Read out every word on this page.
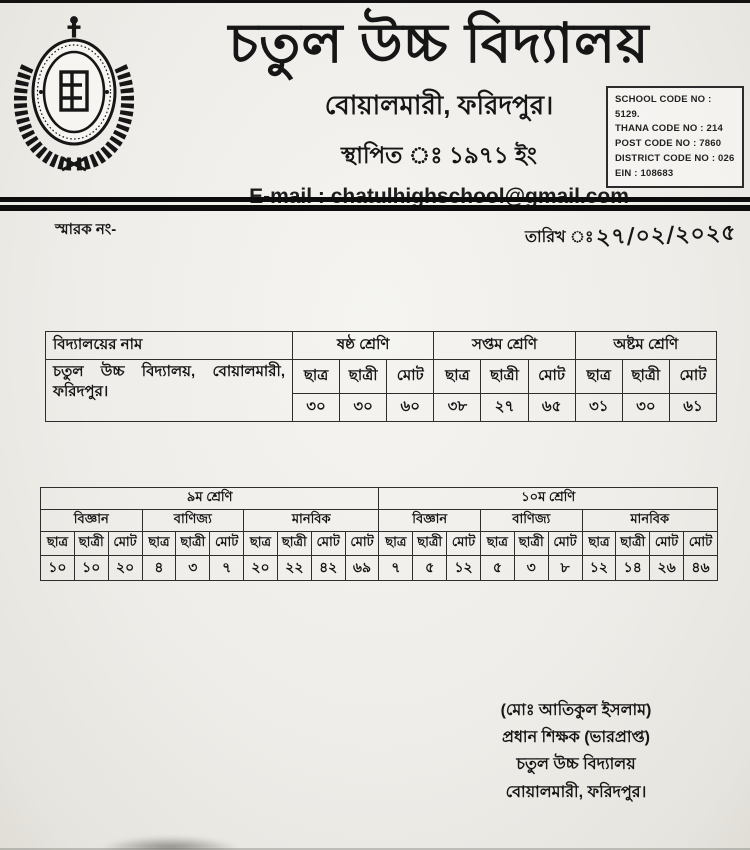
চতুল উচ্চ বিদ্যালয়
বোয়ালমারী, ফরিদপুর।
স্থাপিত ঃ ১৯৭১ ইং
SCHOOL CODE NO : 5129.
THANA CODE NO : 214
POST CODE NO : 7860
DISTRICT CODE NO : 026
EIN : 108683
স্মারক নং-	তারিখ ঃ ২৭/০২/২০২৫
বিদ্যালয়ের নাম	ষষ্ঠ শ্রেণি			সপ্তম শ্রেণি			অষ্টম শ্রেণি		
চতুল উচ্চ বিদ্যালয়, বোয়ালমারী, ফরিদপুর।	ছাত্র	ছাত্রী	মোট	ছাত্র	ছাত্রী	মোট	ছাত্র	ছাত্রী	মোট
	৩০	৩০	৬০	৩৮	২৭	৬৫	৩১	৩০	৬১
৯ম শ্রেণি										১০ম শ্রেণি									
বিজ্ঞান			বাণিজ্য			মানবিক				বিজ্ঞান			বাণিজ্য			মানবিক			
ছাত্র	ছাত্রী	মোট	ছাত্র	ছাত্রী	মোট	ছাত্র	ছাত্রী	মোট	মোট	ছাত্র	ছাত্রী	মোট	ছাত্র	ছাত্রী	মোট	ছাত্র	ছাত্রী	মোট	মোট
১০	১০	২০	৪	৩	৭	২০	২২	৪২	৬৯	৭	৫	১২	৫	৩	৮	১২	১৪	২৬	৪৬
(মোঃ আতিকুল ইসলাম)
প্রধান শিক্ষক (ভারপ্রাপ্ত)
চতুল উচ্চ বিদ্যালয়
বোয়ালমারী, ফরিদপুর।
